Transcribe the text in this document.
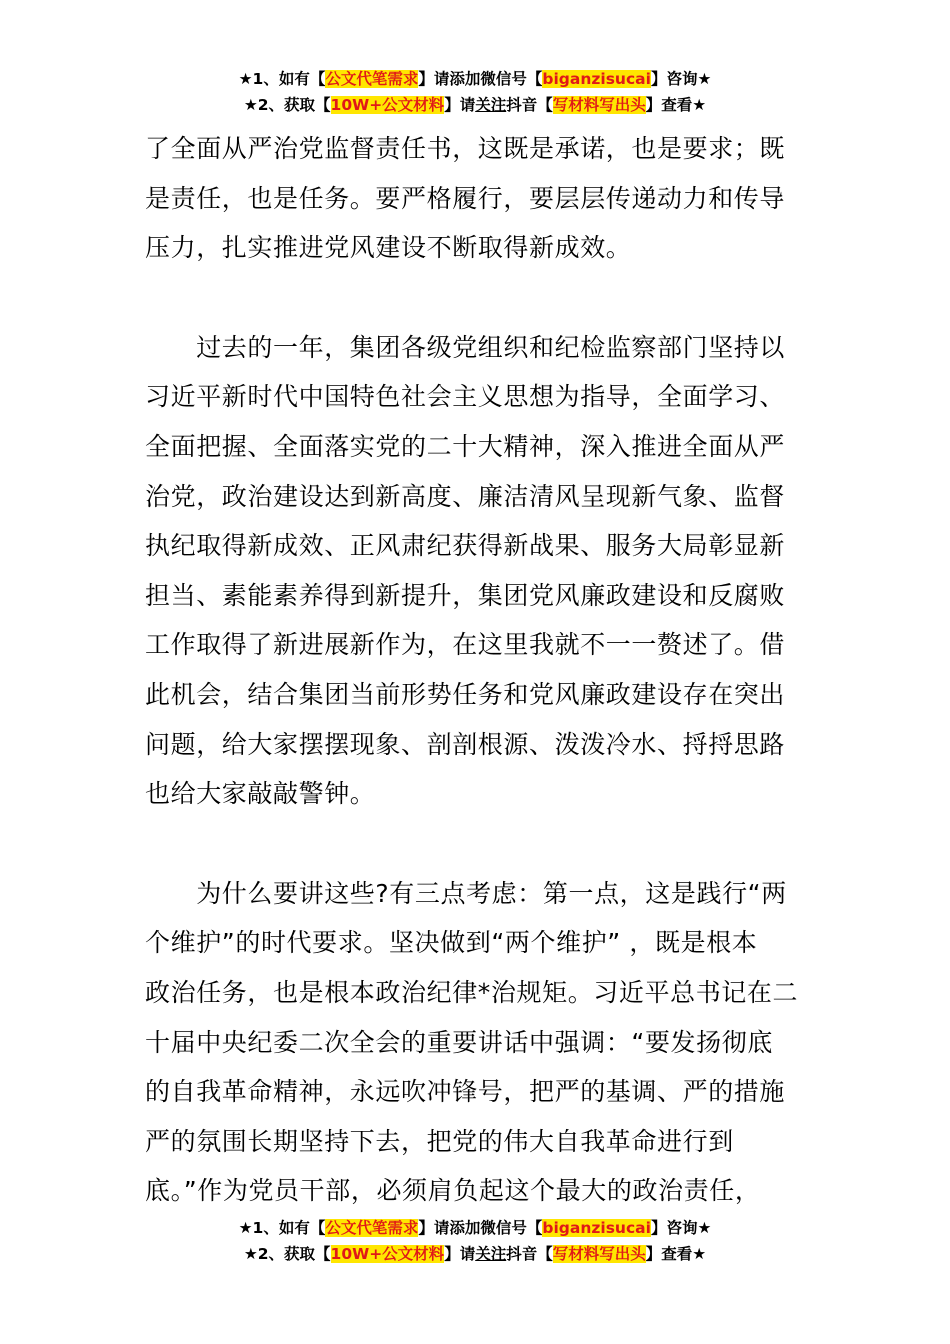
★1、如有【公文代笔需求】请添加微信号【biganzisucai】咨询★
★2、获取【10W+公文材料】请关注抖音【写材料写出头】查看★

了全面从严治党监督责任书，这既是承诺，也是要求；既
是责任，也是任务。要严格履行，要层层传递动力和传导
压力，扎实推进党风建设不断取得新成效。

　　过去的一年，集团各级党组织和纪检监察部门坚持以
习近平新时代中国特色社会主义思想为指导，全面学习、
全面把握、全面落实党的二十大精神，深入推进全面从严
治党，政治建设达到新高度、廉洁清风呈现新气象、监督
执纪取得新成效、正风肃纪获得新战果、服务大局彰显新
担当、素能素养得到新提升，集团党风廉政建设和反腐败
工作取得了新进展新作为，在这里我就不一一赘述了。借
此机会，结合集团当前形势任务和党风廉政建设存在突出
问题，给大家摆摆现象、剖剖根源、泼泼冷水、捋捋思路
也给大家敲敲警钟。

　　为什么要讲这些?有三点考虑：第一点，这是践行“两
个维护”的时代要求。坚决做到“两个维护” ，既是根本
政治任务，也是根本政治纪律*治规矩。习近平总书记在二
十届中央纪委二次全会的重要讲话中强调：“要发扬彻底
的自我革命精神，永远吹冲锋号，把严的基调、严的措施
严的氛围长期坚持下去，把党的伟大自我革命进行到
底。”作为党员干部，必须肩负起这个最大的政治责任，

★1、如有【公文代笔需求】请添加微信号【biganzisucai】咨询★
★2、获取【10W+公文材料】请关注抖音【写材料写出头】查看★
